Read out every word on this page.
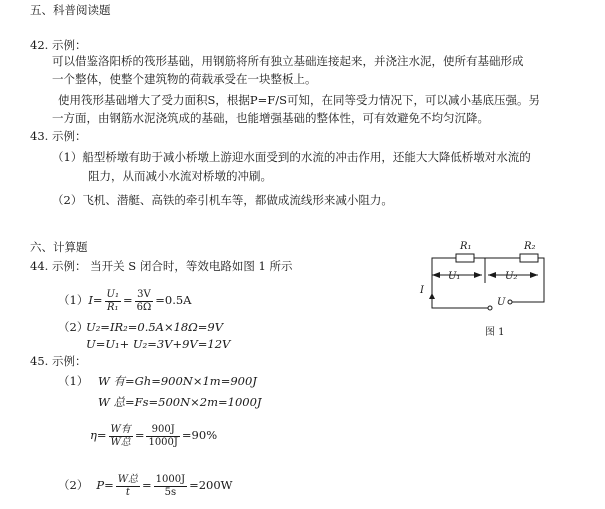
五、科普阅读题
42. 示例：
可以借鉴洛阳桥的筏形基础，用钢筋将所有独立基础连接起来，并浇注水泥，使所有基础形成
一个整体，使整个建筑物的荷载承受在一块整板上。
使用筏形基础增大了受力面积S，根据P=F/S可知，在同等受力情况下，可以减小基底压强。另
一方面，由钢筋水泥浇筑成的基础，也能增强基础的整体性，可有效避免不均匀沉降。
43. 示例：
（1）船型桥墩有助于减小桥墩上游迎水面受到的水流的冲击作用，还能大大降低桥墩对水流的
阻力，从而减小水流对桥墩的冲刷。
（2）飞机、潜艇、高铁的牵引机车等，都做成流线形来减小阻力。
六、计算题
44. 示例： 当开关 S 闭合时，等效电路如图 1 所示
$(1)I= \frac{\text{U₁}}{\text{R₁}} = \frac{3V}{6\Omega} =0.5A$
（2）
U₂=IR₂=0.5A×18Ω=9V
U=U₁+ U₂=3V+9V=12V
45. 示例：
（1） W 有=Gh=900N×1m=900J
W 总=Fs=500N×2m=1000J
$\eta= \frac{\text{W有}}{\text{W总}} = \frac{900J}{1000J} =90\%$
（2） $P= \frac{\text{W总}}{t} = \frac{1000J}{5s} =200W$
R₁	R₂
U₁	U₂
I
U
图 1
